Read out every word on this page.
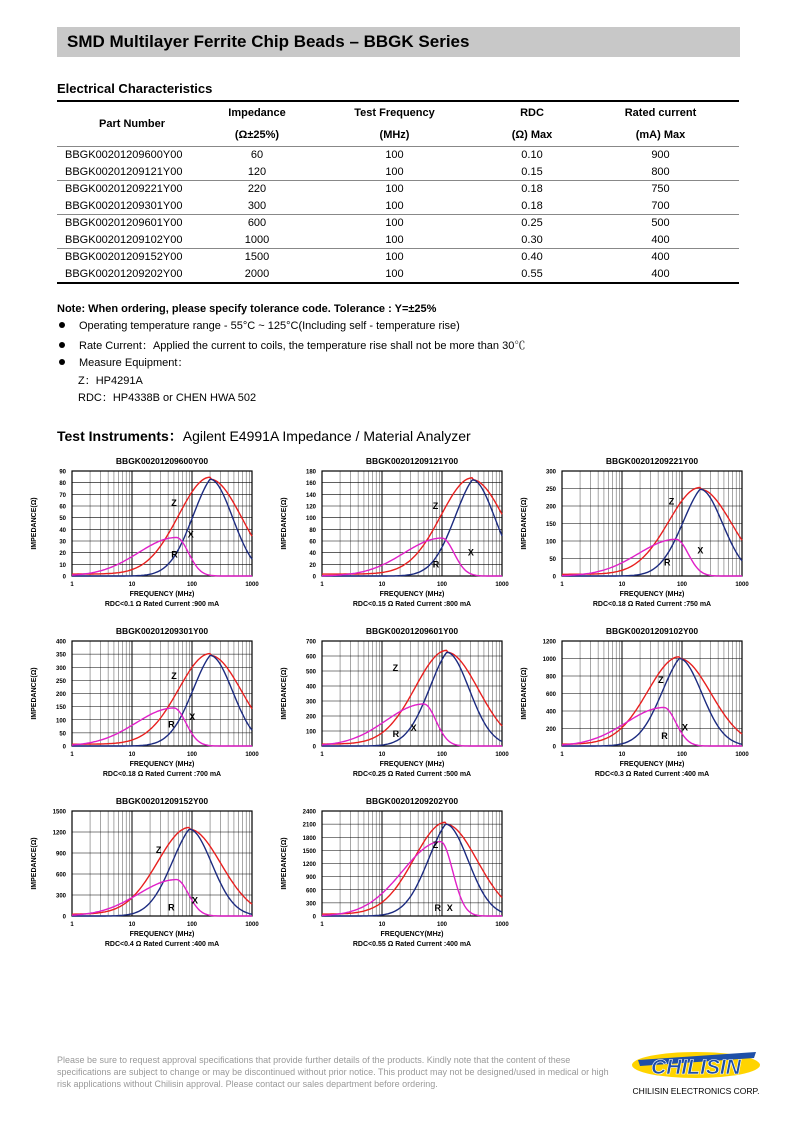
SMD Multilayer Ferrite Chip Beads – BBGK Series
Electrical Characteristics
Part Number	Impedance	Test Frequency	RDC	Rated current
	(Ω±25%)	(MHz)	(Ω) Max	(mA) Max
BBGK00201209600Y00	60	100	0.10	900
BBGK00201209121Y00	120	100	0.15	800
BBGK00201209221Y00	220	100	0.18	750
BBGK00201209301Y00	300	100	0.18	700
BBGK00201209601Y00	600	100	0.25	500
BBGK00201209102Y00	1000	100	0.30	400
BBGK00201209152Y00	1500	100	0.40	400
BBGK00201209202Y00	2000	100	0.55	400
Note: When ordering, please specify tolerance code. Tolerance : Y=±25%
Operating temperature range - 55°C ~ 125°C(Including self - temperature rise)
Rate Current：Applied the current to coils, the temperature rise shall not be more than 30℃
Measure Equipment：
Z：HP4291A
RDC：HP4338B or CHEN HWA 502
Test Instruments：Agilent E4991A Impedance / Material Analyzer
BBGK00201209600Y00
0
10
20
30
40
50
60
70
80
90
1	10	100	1000
IMPEDANCE(Ω)
FREQUENCY (MHz)
RDC<0.1 Ω Rated Current :900 mA
Z
X
R
BBGK00201209121Y00
0
20
40
60
80
100
120
140
160
180
1	10	100	1000
IMPEDANCE(Ω)
FREQUENCY (MHz)
RDC<0.15 Ω Rated Current :800 mA
Z
X
R
BBGK00201209221Y00
0
50
100
150
200
250
300
1	10	100	1000
IMPEDANCE(Ω)
FREQUENCY (MHz)
RDC<0.18 Ω Rated Current :750 mA
Z
X
R
BBGK00201209301Y00
0
50
100
150
200
250
300
350
400
1	10	100	1000
IMPEDANCE(Ω)
FREQUENCY (MHz)
RDC<0.18 Ω Rated Current :700 mA
Z
X
R
BBGK00201209601Y00
0
100
200
300
400
500
600
700
1	10	100	1000
IMPEDANCE(Ω)
FREQUENCY (MHz)
RDC<0.25 Ω Rated Current :500 mA
Z
X
R
BBGK00201209102Y00
0
200
400
600
800
1000
1200
1	10	100	1000
IMPEDANCE(Ω)
FREQUENCY (MHz)
RDC<0.3 Ω Rated Current :400 mA
Z
X
R
BBGK00201209152Y00
0
300
600
900
1200
1500
1	10	100	1000
IMPEDANCE(Ω)
FREQUENCY (MHz)
RDC<0.4 Ω Rated Current :400 mA
Z
X
R
BBGK00201209202Y00
0
300
600
900
1200
1500
1800
2100
2400
1	10	100	1000
IMPEDANCE(Ω)
FREQUENCY(MHz)
RDC<0.55 Ω Rated Current :400 mA
Z
X
R
Please be sure to request approval specifications that provide further details of the products. Kindly note that the content of these specifications are subject to change or may be discontinued without prior notice. This product may not be designed/used in medical or high risk applications without Chilisin approval. Please contact our sales department before ordering.
CHILISIN
CHILISIN ELECTRONICS CORP.
